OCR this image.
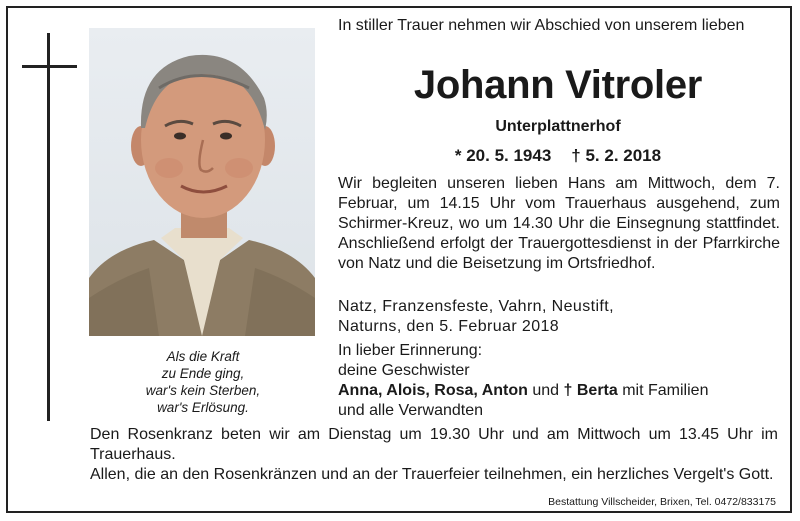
Als die Kraft
zu Ende ging,
war's kein Sterben,
war's Erlösung.
In stiller Trauer nehmen wir Abschied von unserem lieben
Johann Vitroler
Unterplattnerhof
* 20. 5. 1943 † 5. 2. 2018
Wir begleiten unseren lieben Hans am Mittwoch, dem 7. Februar, um 14.15 Uhr vom Trauerhaus ausgehend, zum Schirmer-Kreuz, wo um 14.30 Uhr die Einsegnung stattfindet. Anschließend erfolgt der Trauergottesdienst in der Pfarrkirche von Natz und die Beisetzung im Ortsfriedhof.
Natz, Franzensfeste, Vahrn, Neustift,
Naturns, den 5. Februar 2018
In lieber Erinnerung:
deine Geschwister
Anna, Alois, Rosa, Anton und † Berta mit Familien
und alle Verwandten
Den Rosenkranz beten wir am Dienstag um 19.30 Uhr und am Mittwoch um 13.45 Uhr im Trauerhaus.
Allen, die an den Rosenkränzen und an der Trauerfeier teilnehmen, ein herzliches Vergelt's Gott.
Bestattung Villscheider, Brixen, Tel. 0472/833175
